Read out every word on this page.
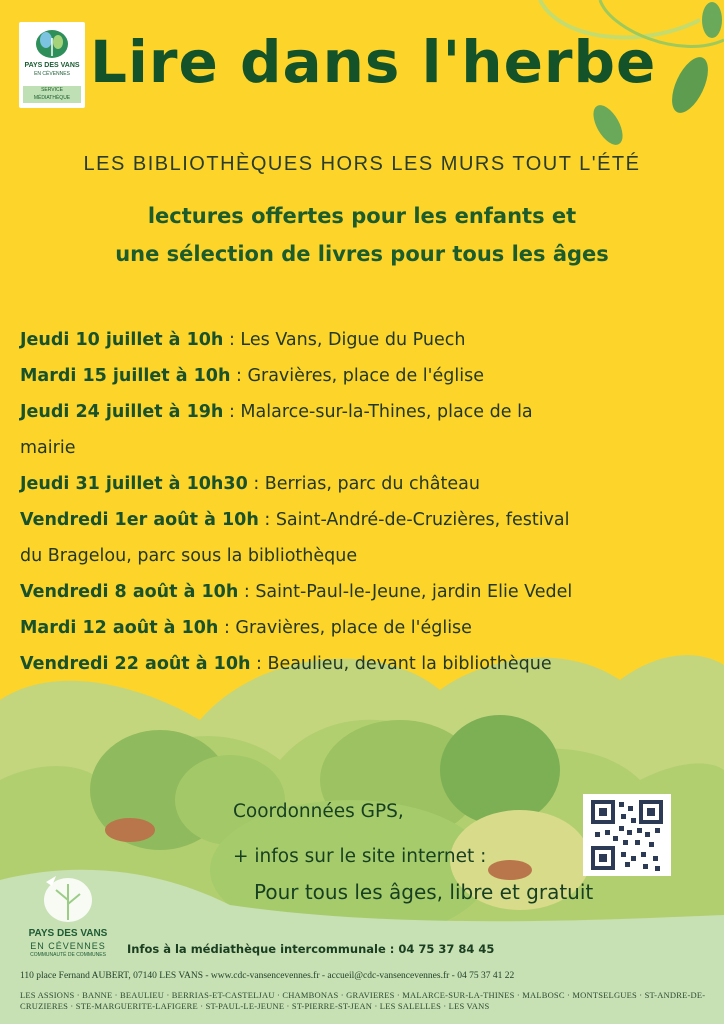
PAYS DES VANS
EN CÉVENNES
SERVICE MÉDIATHÈQUE
Lire dans l'herbe
LES BIBLIOTHÈQUES HORS LES MURS TOUT L'ÉTÉ
lectures offertes pour les enfants et
une sélection de livres pour tous les âges
Jeudi 10 juillet à 10h : Les Vans, Digue du Puech
Mardi 15 juillet à 10h : Gravières, place de l'église
Jeudi 24 juillet à 19h : Malarce-sur-la-Thines, place de la
mairie
Jeudi 31 juillet à 10h30 : Berrias, parc du château
Vendredi 1er août à 10h : Saint-André-de-Cruzières, festival
du Bragelou, parc sous la bibliothèque
Vendredi 8 août à 10h : Saint-Paul-le-Jeune, jardin Elie Vedel
Mardi 12 août à 10h : Gravières, place de l'église
Vendredi 22 août à 10h : Beaulieu, devant la bibliothèque
Coordonnées GPS,
+ infos sur le site internet :
Pour tous les âges, libre et gratuit
PAYS DES VANS
EN CÉVENNES
COMMUNAUTÉ DE COMMUNES	Infos à la médiathèque intercommunale : 04 75 37 84 45
110 place Fernand AUBERT, 07140 LES VANS - www.cdc-vansencevennes.fr - accueil@cdc-vansencevennes.fr - 04 75 37 41 22
LES ASSIONS · BANNE · BEAULIEU · BERRIAS-ET-CASTELJAU · CHAMBONAS · GRAVIERES · MALARCE-SUR-LA-THINES · MALBOSC · MONTSELGUES · ST-ANDRE-DE-CRUZIERES · STE-MARGUERITE-LAFIGERE · ST-PAUL-LE-JEUNE · ST-PIERRE-ST-JEAN · LES SALELLES · LES VANS
